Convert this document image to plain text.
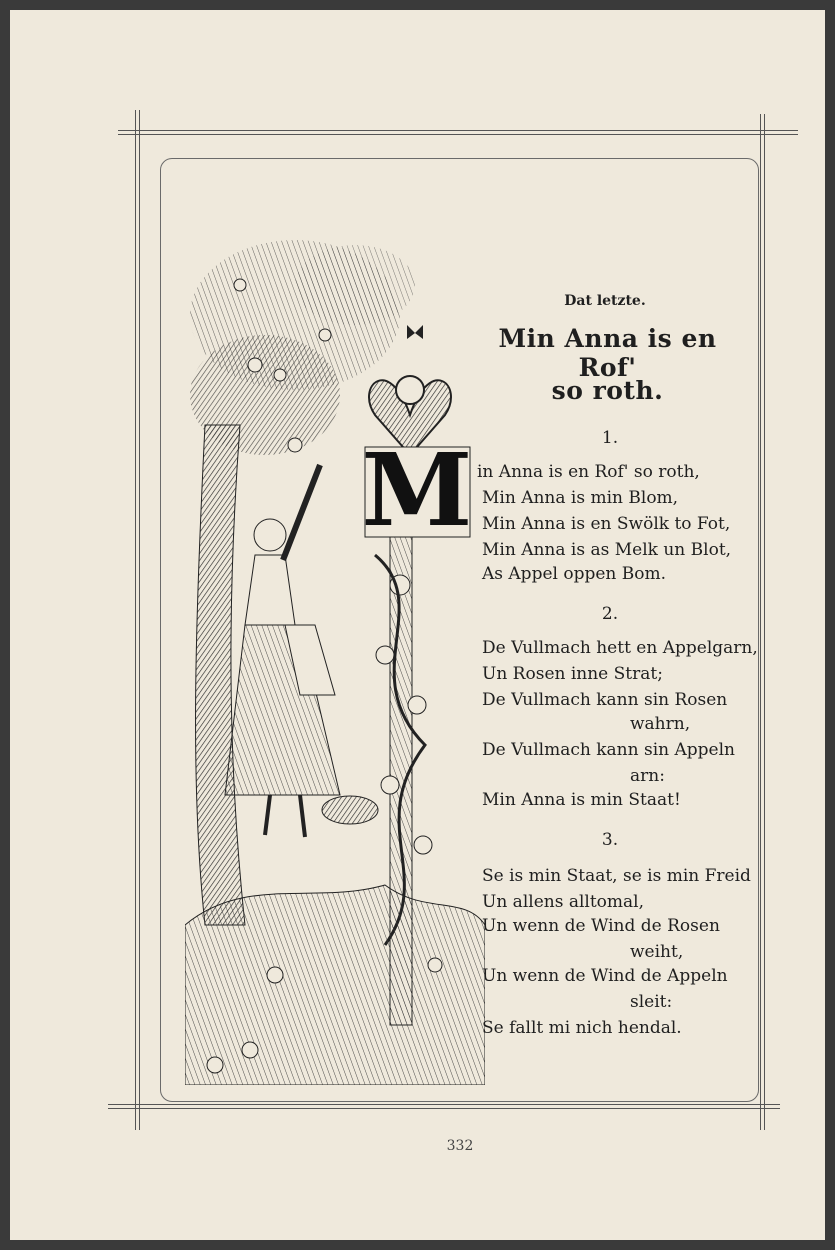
M
Dat letzte.
Min Anna is en Rof'
so roth.
1.
in Anna is en Rof' so roth,
Min Anna is min Blom,
Min Anna is en Swölk to Fot,
Min Anna is as Melk un Blot,
As Appel oppen Bom.
2.
De Vullmach hett en Appelgarn,
Un Rosen inne Strat;
De Vullmach kann sin Rosen
wahrn,
De Vullmach kann sin Appeln
arn:
Min Anna is min Staat!
3.
Se is min Staat, se is min Freid
Un allens alltomal,
Un wenn de Wind de Rosen
weiht,
Un wenn de Wind de Appeln
sleit:
Se fallt mi nich hendal.
332
